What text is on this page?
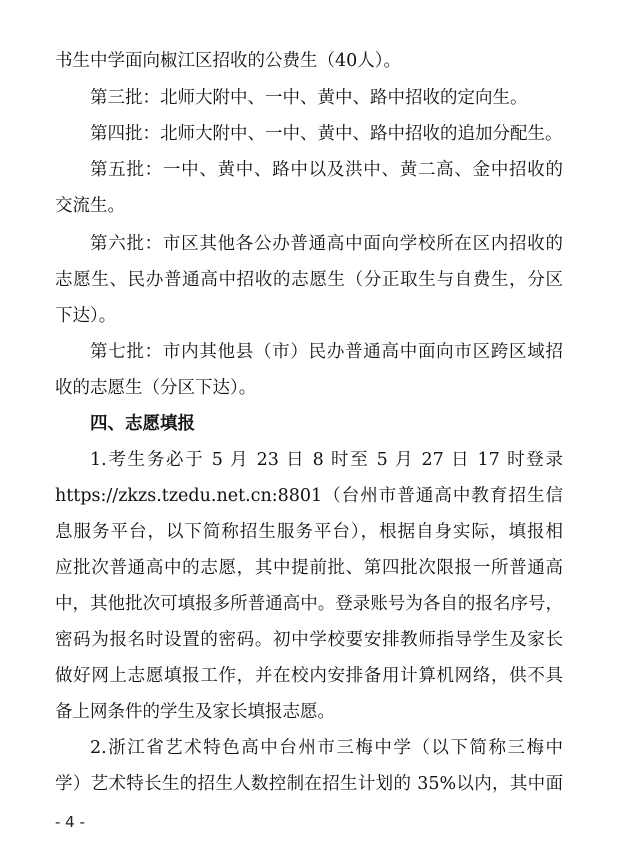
书生中学面向椒江区招收的公费生（40人）。
第三批：北师大附中、一中、黄中、路中招收的定向生。
第四批：北师大附中、一中、黄中、路中招收的追加分配生。
第五批：一中、黄中、路中以及洪中、黄二高、金中招收的
交流生。
第六批：市区其他各公办普通高中面向学校所在区内招收的
志愿生、民办普通高中招收的志愿生（分正取生与自费生，分区
下达）。
第七批：市内其他县（市）民办普通高中面向市区跨区域招
收的志愿生（分区下达）。
四、志愿填报
1.考生务必于 5 月 23 日 8 时至 5 月 27 日 17 时登录
https://zkzs.tzedu.net.cn:8801（台州市普通高中教育招生信
息服务平台，以下简称招生服务平台），根据自身实际，填报相
应批次普通高中的志愿，其中提前批、第四批次限报一所普通高
中，其他批次可填报多所普通高中。登录账号为各自的报名序号，
密码为报名时设置的密码。初中学校要安排教师指导学生及家长
做好网上志愿填报工作，并在校内安排备用计算机网络，供不具
备上网条件的学生及家长填报志愿。
2.浙江省艺术特色高中台州市三梅中学（以下简称三梅中
学）艺术特长生的招生人数控制在招生计划的 35%以内，其中面
- 4 -
